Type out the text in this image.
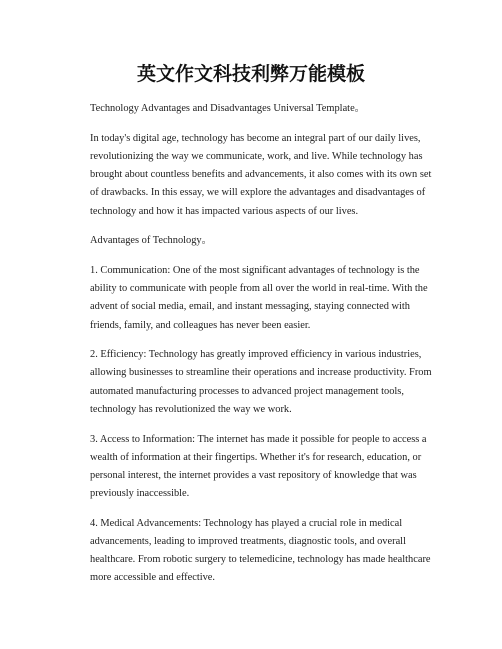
英文作文科技利弊万能模板

Technology Advantages and Disadvantages Universal Template。

In today's digital age, technology has become an integral part of our daily lives, revolutionizing the way we communicate, work, and live. While technology has brought about countless benefits and advancements, it also comes with its own set of drawbacks. In this essay, we will explore the advantages and disadvantages of technology and how it has impacted various aspects of our lives.

Advantages of Technology。

1. Communication: One of the most significant advantages of technology is the ability to communicate with people from all over the world in real-time. With the advent of social media, email, and instant messaging, staying connected with friends, family, and colleagues has never been easier.

2. Efficiency: Technology has greatly improved efficiency in various industries, allowing businesses to streamline their operations and increase productivity. From automated manufacturing processes to advanced project management tools, technology has revolutionized the way we work.

3. Access to Information: The internet has made it possible for people to access a wealth of information at their fingertips. Whether it's for research, education, or personal interest, the internet provides a vast repository of knowledge that was previously inaccessible.

4. Medical Advancements: Technology has played a crucial role in medical advancements, leading to improved treatments, diagnostic tools, and overall healthcare. From robotic surgery to telemedicine, technology has made healthcare more accessible and effective.
